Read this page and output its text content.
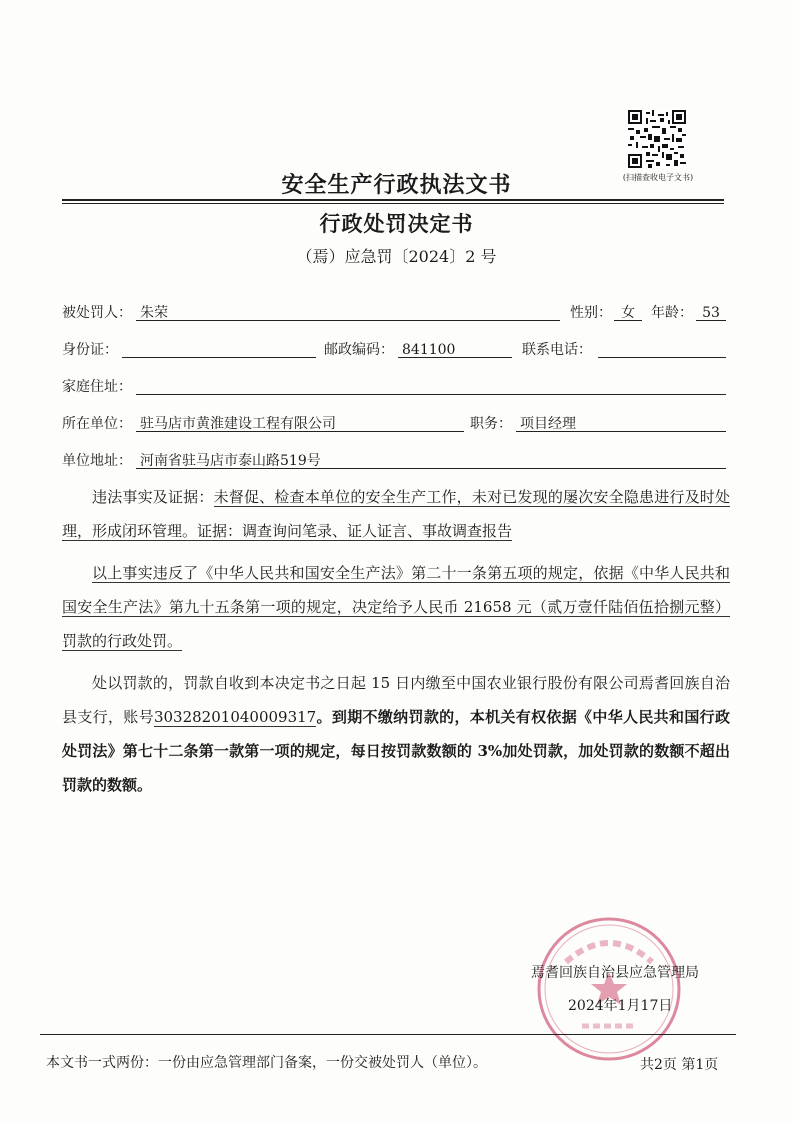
(扫描查收电子文书)
安全生产行政执法文书
行政处罚决定书
（焉）应急罚〔2024〕2 号
被处罚人： 朱荣	性别： 女	年龄： 53
身份证：	邮政编码： 841100	联系电话：
家庭住址：
所在单位： 驻马店市黄淮建设工程有限公司	职务： 项目经理
单位地址： 河南省驻马店市泰山路519号
违法事实及证据：未督促、检查本单位的安全生产工作，未对已发现的屡次安全隐患进行及时处理，形成闭环管理。证据：调查询问笔录、证人证言、事故调查报告
以上事实违反了《中华人民共和国安全生产法》第二十一条第五项的规定，依据《中华人民共和国安全生产法》第九十五条第一项的规定，决定给予人民币 21658 元（贰万壹仟陆佰伍拾捌元整）罚款的行政处罚。
处以罚款的，罚款自收到本决定书之日起 15 日内缴至中国农业银行股份有限公司焉耆回族自治县支行，账号30328201040009317。到期不缴纳罚款的，本机关有权依据《中华人民共和国行政处罚法》第七十二条第一款第一项的规定，每日按罚款数额的 3%加处罚款，加处罚款的数额不超出罚款的数额。
焉耆回族自治县应急管理局
2024年1月17日
本文书一式两份：一份由应急管理部门备案，一份交被处罚人（单位）。	共2页 第1页
